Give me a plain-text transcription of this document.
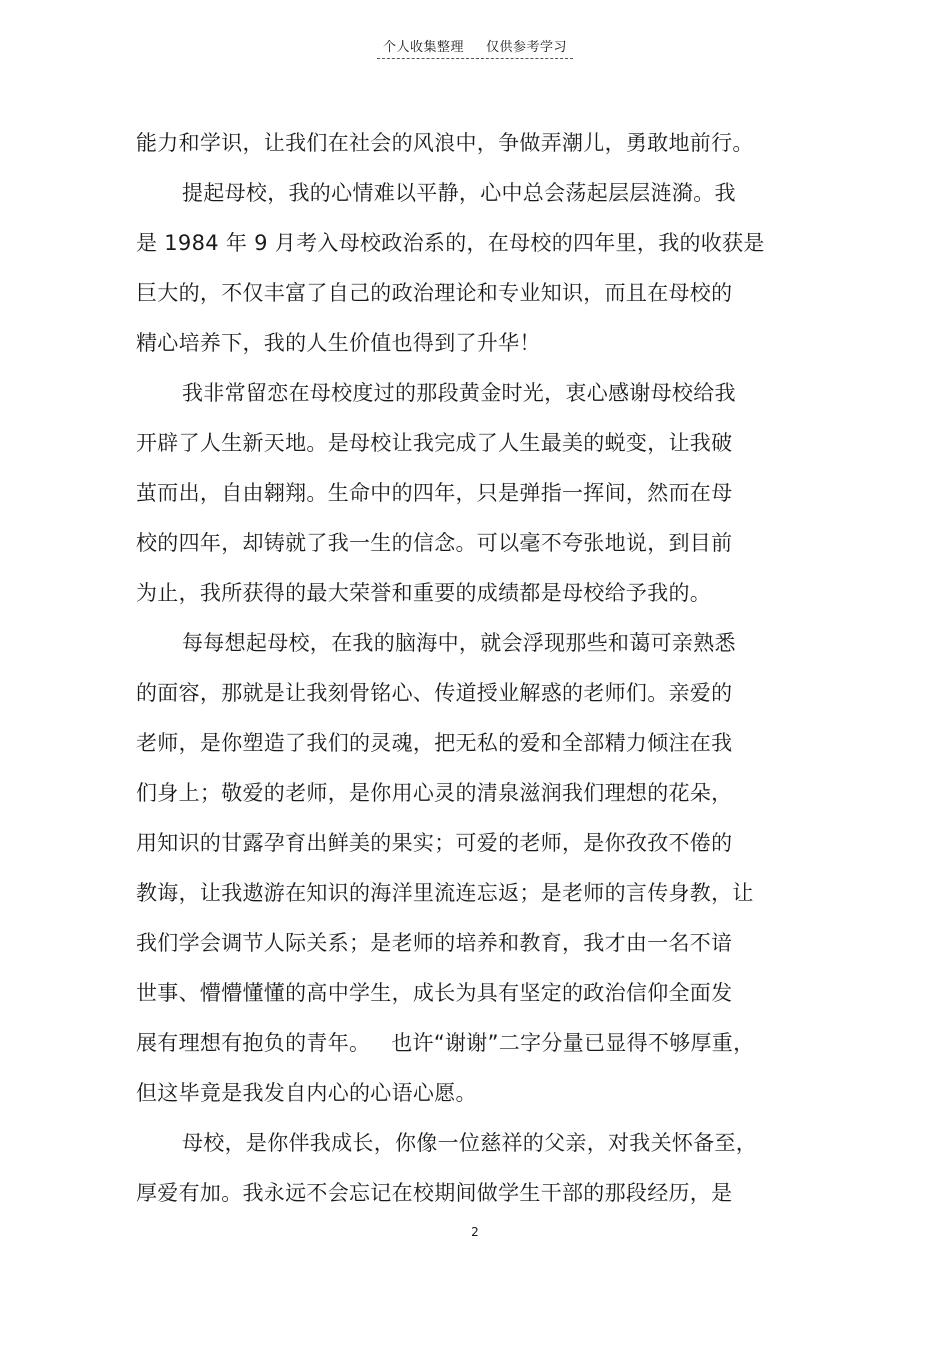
个人收集整理 仅供参考学习
能力和学识，让我们在社会的风浪中，争做弄潮儿，勇敢地前行。
提起母校，我的心情难以平静，心中总会荡起层层涟漪。我
是 1984 年 9 月考入母校政治系的，在母校的四年里，我的收获是
巨大的，不仅丰富了自己的政治理论和专业知识，而且在母校的
精心培养下，我的人生价值也得到了升华！
我非常留恋在母校度过的那段黄金时光，衷心感谢母校给我
开辟了人生新天地。是母校让我完成了人生最美的蜕变，让我破
茧而出，自由翱翔。生命中的四年，只是弹指一挥间，然而在母
校的四年，却铸就了我一生的信念。可以毫不夸张地说，到目前
为止，我所获得的最大荣誉和重要的成绩都是母校给予我的。
每每想起母校，在我的脑海中，就会浮现那些和蔼可亲熟悉
的面容，那就是让我刻骨铭心、传道授业解惑的老师们。亲爱的
老师，是你塑造了我们的灵魂，把无私的爱和全部精力倾注在我
们身上；敬爱的老师，是你用心灵的清泉滋润我们理想的花朵，
用知识的甘露孕育出鲜美的果实；可爱的老师，是你孜孜不倦的
教诲，让我遨游在知识的海洋里流连忘返；是老师的言传身教，让
我们学会调节人际关系；是老师的培养和教育，我才由一名不谙
世事、懵懵懂懂的高中学生，成长为具有坚定的政治信仰全面发
展有理想有抱负的青年。   也许“谢谢”二字分量已显得不够厚重，
但这毕竟是我发自内心的心语心愿。
母校，是你伴我成长，你像一位慈祥的父亲，对我关怀备至，
厚爱有加。我永远不会忘记在校期间做学生干部的那段经历，是
2
